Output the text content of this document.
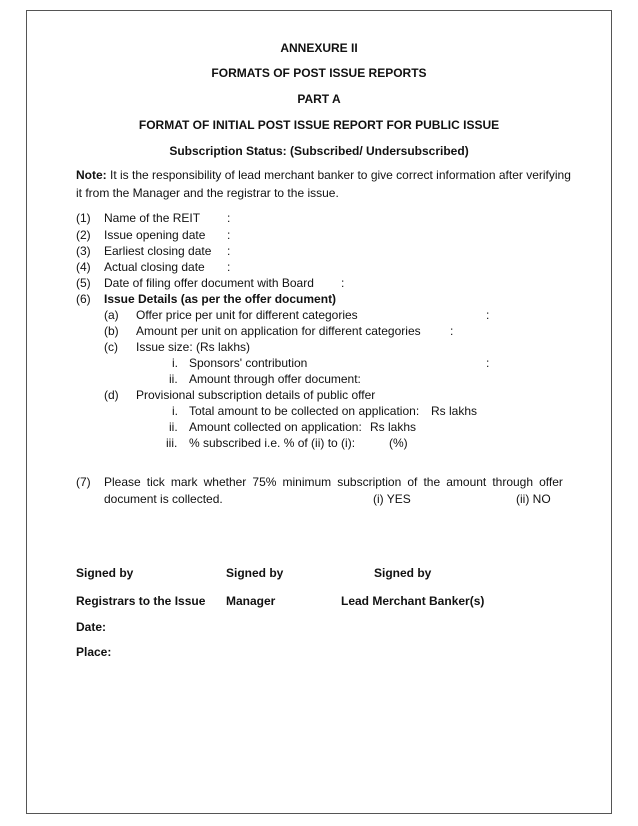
ANNEXURE II
FORMATS OF POST ISSUE REPORTS
PART A
FORMAT OF INITIAL POST ISSUE REPORT FOR PUBLIC ISSUE
Subscription Status: (Subscribed/ Undersubscribed)
Note: It is the responsibility of lead merchant banker to give correct information after verifying
it from the Manager and the registrar to the issue.
(1) Name of the REIT :
(2) Issue opening date :
(3) Earliest closing date :
(4) Actual closing date :
(5) Date of filing offer document with Board :
(6) Issue Details (as per the offer document)
(a) Offer price per unit for different categories	:
(b) Amount per unit on application for different categories :
(c) Issue size: (Rs lakhs)
i. Sponsors' contribution	:
ii. Amount through offer document:
(d) Provisional subscription details of public offer
i. Total amount to be collected on application: Rs lakhs
ii. Amount collected on application: Rs lakhs
iii. % subscribed i.e. % of (ii) to (i):	(%)
(7) Please tick mark whether 75% minimum subscription of the amount through offer
document is collected.	(i) YES	(ii) NO
Signed by	Signed by	Signed by
Registrars to the Issue Manager	Lead Merchant Banker(s)
Date:
Place:
